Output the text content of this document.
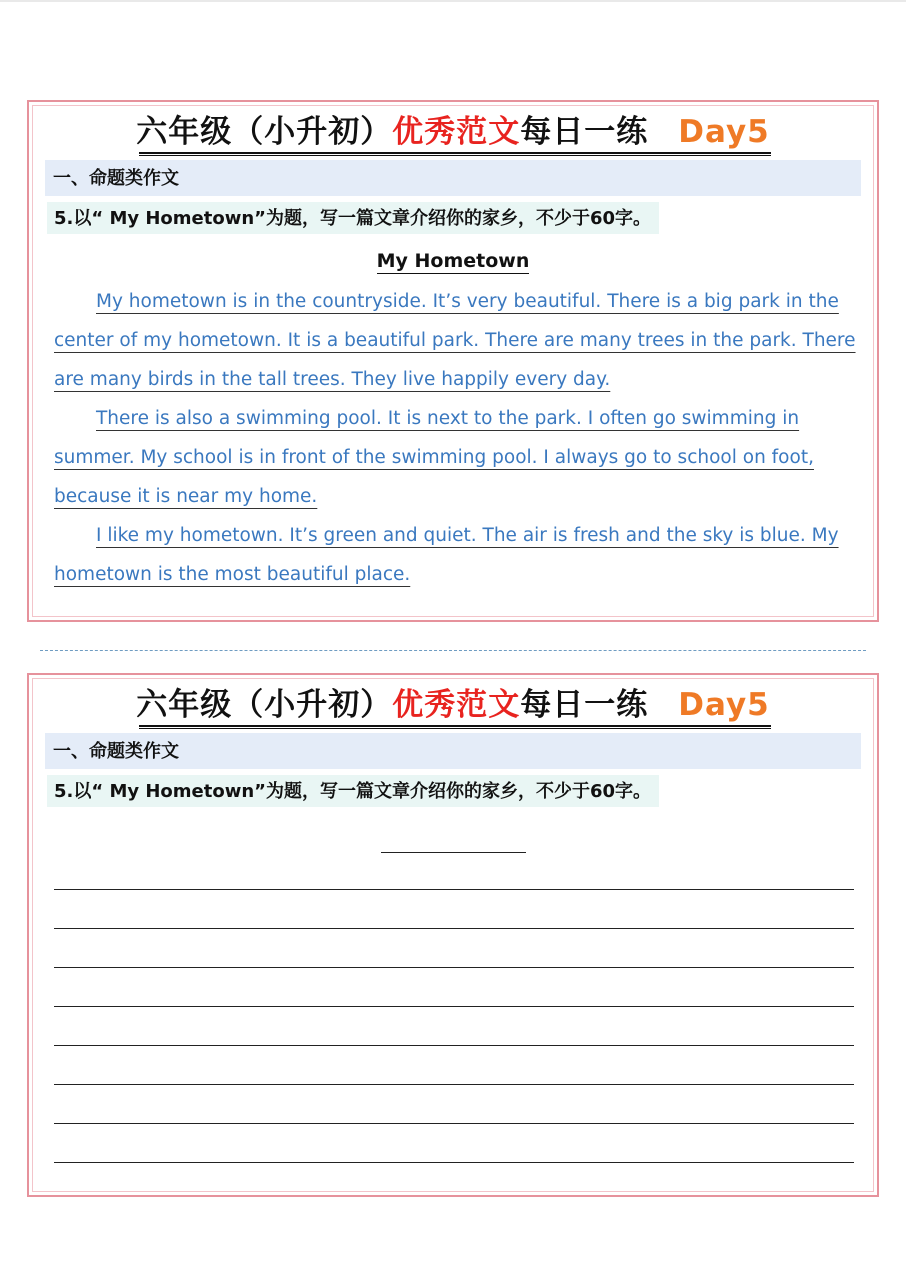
六年级（小升初）优秀范文每日一练 Day5
一、命题类作文
5.以“ My Hometown”为题，写一篇文章介绍你的家乡，不少于60字。
My Hometown

My hometown is in the countryside. It’s very beautiful. There is a big park in the center of my hometown. It is a beautiful park. There are many trees in the park. There are many birds in the tall trees. They live happily every day.

There is also a swimming pool. It is next to the park. I often go swimming in summer. My school is in front of the swimming pool. I always go to school on foot, because it is near my home.

I like my hometown. It’s green and quiet. The air is fresh and the sky is blue. My hometown is the most beautiful place.

六年级（小升初）优秀范文每日一练 Day5
一、命题类作文
5.以“ My Hometown”为题，写一篇文章介绍你的家乡，不少于60字。
